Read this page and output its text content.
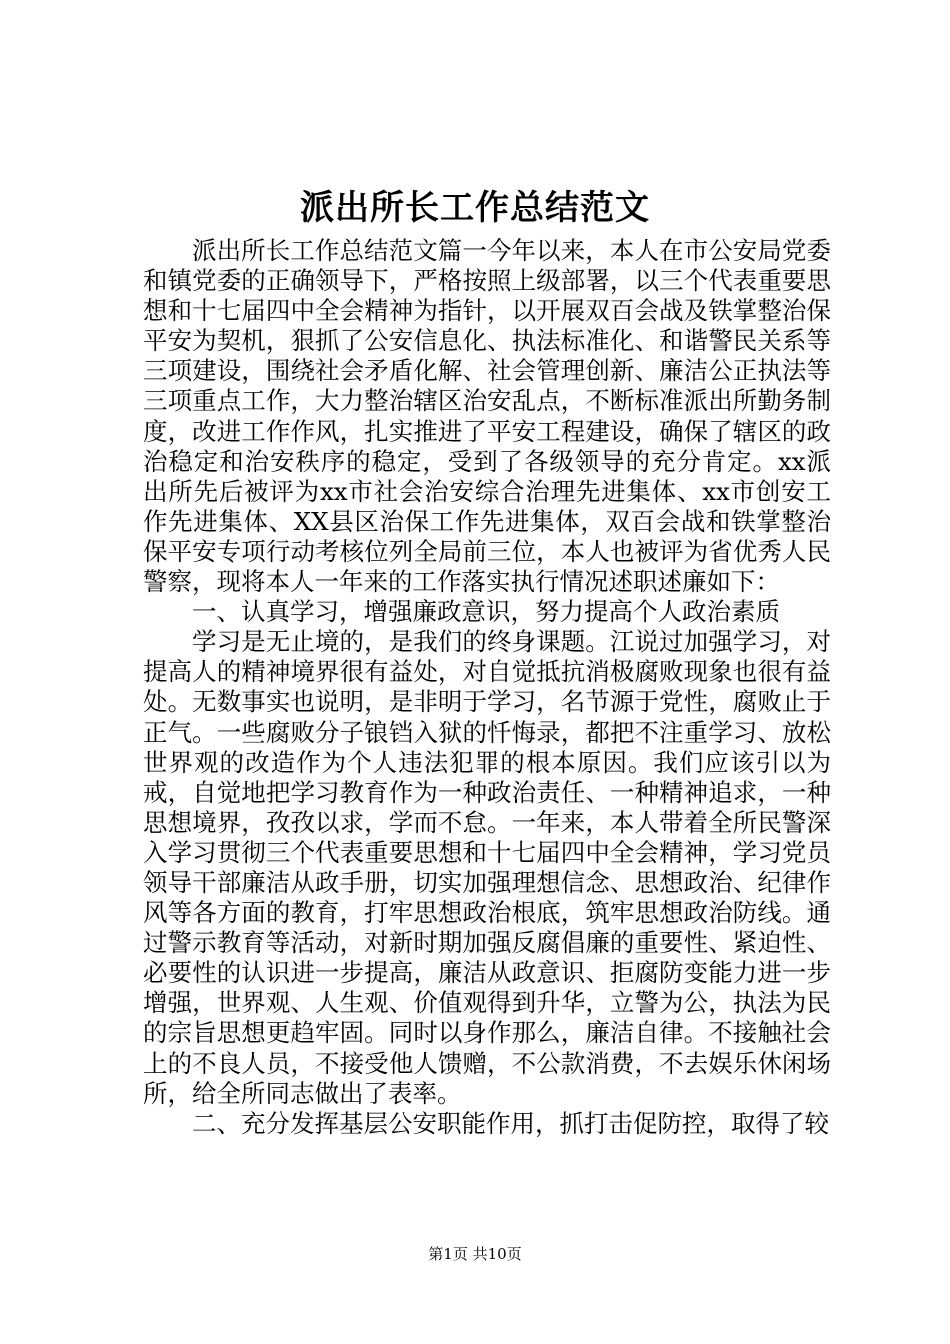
派出所长工作总结范文

派出所长工作总结范文篇一今年以来，本人在市公安局党委和镇党委的正确领导下，严格按照上级部署，以三个代表重要思想和十七届四中全会精神为指针，以开展双百会战及铁掌整治保平安为契机，狠抓了公安信息化、执法标准化、和谐警民关系等三项建设，围绕社会矛盾化解、社会管理创新、廉洁公正执法等三项重点工作，大力整治辖区治安乱点，不断标准派出所勤务制度，改进工作作风，扎实推进了平安工程建设，确保了辖区的政治稳定和治安秩序的稳定，受到了各级领导的充分肯定。xx派出所先后被评为xx市社会治安综合治理先进集体、xx市创安工作先进集体、XX县区治保工作先进集体，双百会战和铁掌整治保平安专项行动考核位列全局前三位，本人也被评为省优秀人民警察，现将本人一年来的工作落实执行情况述职述廉如下：

一、认真学习，增强廉政意识，努力提高个人政治素质

学习是无止境的，是我们的终身课题。江说过加强学习，对提高人的精神境界很有益处，对自觉抵抗消极腐败现象也很有益处。无数事实也说明，是非明于学习，名节源于党性，腐败止于正气。一些腐败分子锒铛入狱的忏悔录，都把不注重学习、放松世界观的改造作为个人违法犯罪的根本原因。我们应该引以为戒，自觉地把学习教育作为一种政治责任、一种精神追求，一种思想境界，孜孜以求，学而不怠。一年来，本人带着全所民警深入学习贯彻三个代表重要思想和十七届四中全会精神，学习党员领导干部廉洁从政手册，切实加强理想信念、思想政治、纪律作风等各方面的教育，打牢思想政治根底，筑牢思想政治防线。通过警示教育等活动，对新时期加强反腐倡廉的重要性、紧迫性、必要性的认识进一步提高，廉洁从政意识、拒腐防变能力进一步增强，世界观、人生观、价值观得到升华，立警为公，执法为民的宗旨思想更趋牢固。同时以身作那么，廉洁自律。不接触社会上的不良人员，不接受他人馈赠，不公款消费，不去娱乐休闲场所，给全所同志做出了表率。

二、充分发挥基层公安职能作用，抓打击促防控，取得了较

第1页 共10页
